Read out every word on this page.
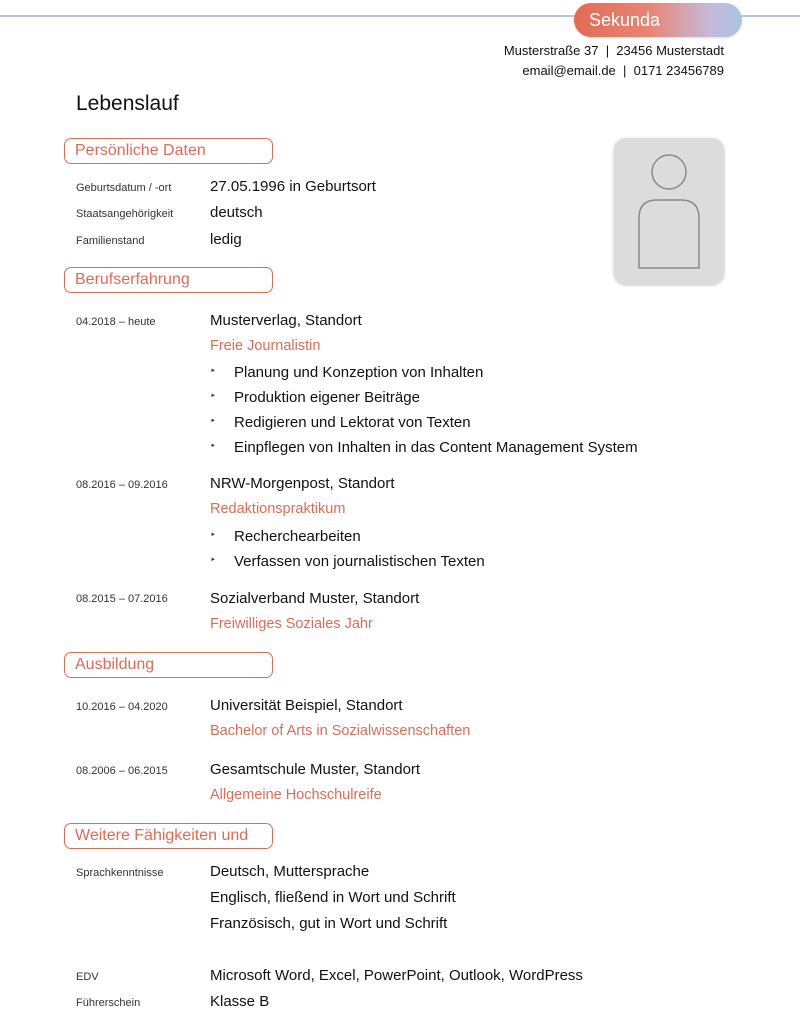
Sekunda
Musterstraße 37  |  23456 Musterstadt
email@email.de  |  0171 23456789
Lebenslauf
Persönliche Daten
Geburtsdatum / -ort	27.05.1996 in Geburtsort
Staatsangehörigkeit deutsch
Familienstand	ledig
Berufserfahrung
04.2018 – heute	Musterverlag, Standort
Freie Journalistin
‣ Planung und Konzeption von Inhalten
‣ Produktion eigener Beiträge
‣ Redigieren und Lektorat von Texten
‣ Einpflegen von Inhalten in das Content Management System
08.2016 – 09.2016	NRW-Morgenpost, Standort
Redaktionspraktikum
‣ Recherchearbeiten
‣ Verfassen von journalistischen Texten
08.2015 – 07.2016	Sozialverband Muster, Standort
Freiwilliges Soziales Jahr
Ausbildung
10.2016 – 04.2020	Universität Beispiel, Standort
Bachelor of Arts in Sozialwissenschaften
08.2006 – 06.2015	Gesamtschule Muster, Standort
Allgemeine Hochschulreife
Weitere Fähigkeiten und
Sprachkenntnisse	Deutsch, Muttersprache
Englisch, fließend in Wort und Schrift
Französisch, gut in Wort und Schrift
EDV	Microsoft Word, Excel, PowerPoint, Outlook, WordPress
Führerschein	Klasse B
